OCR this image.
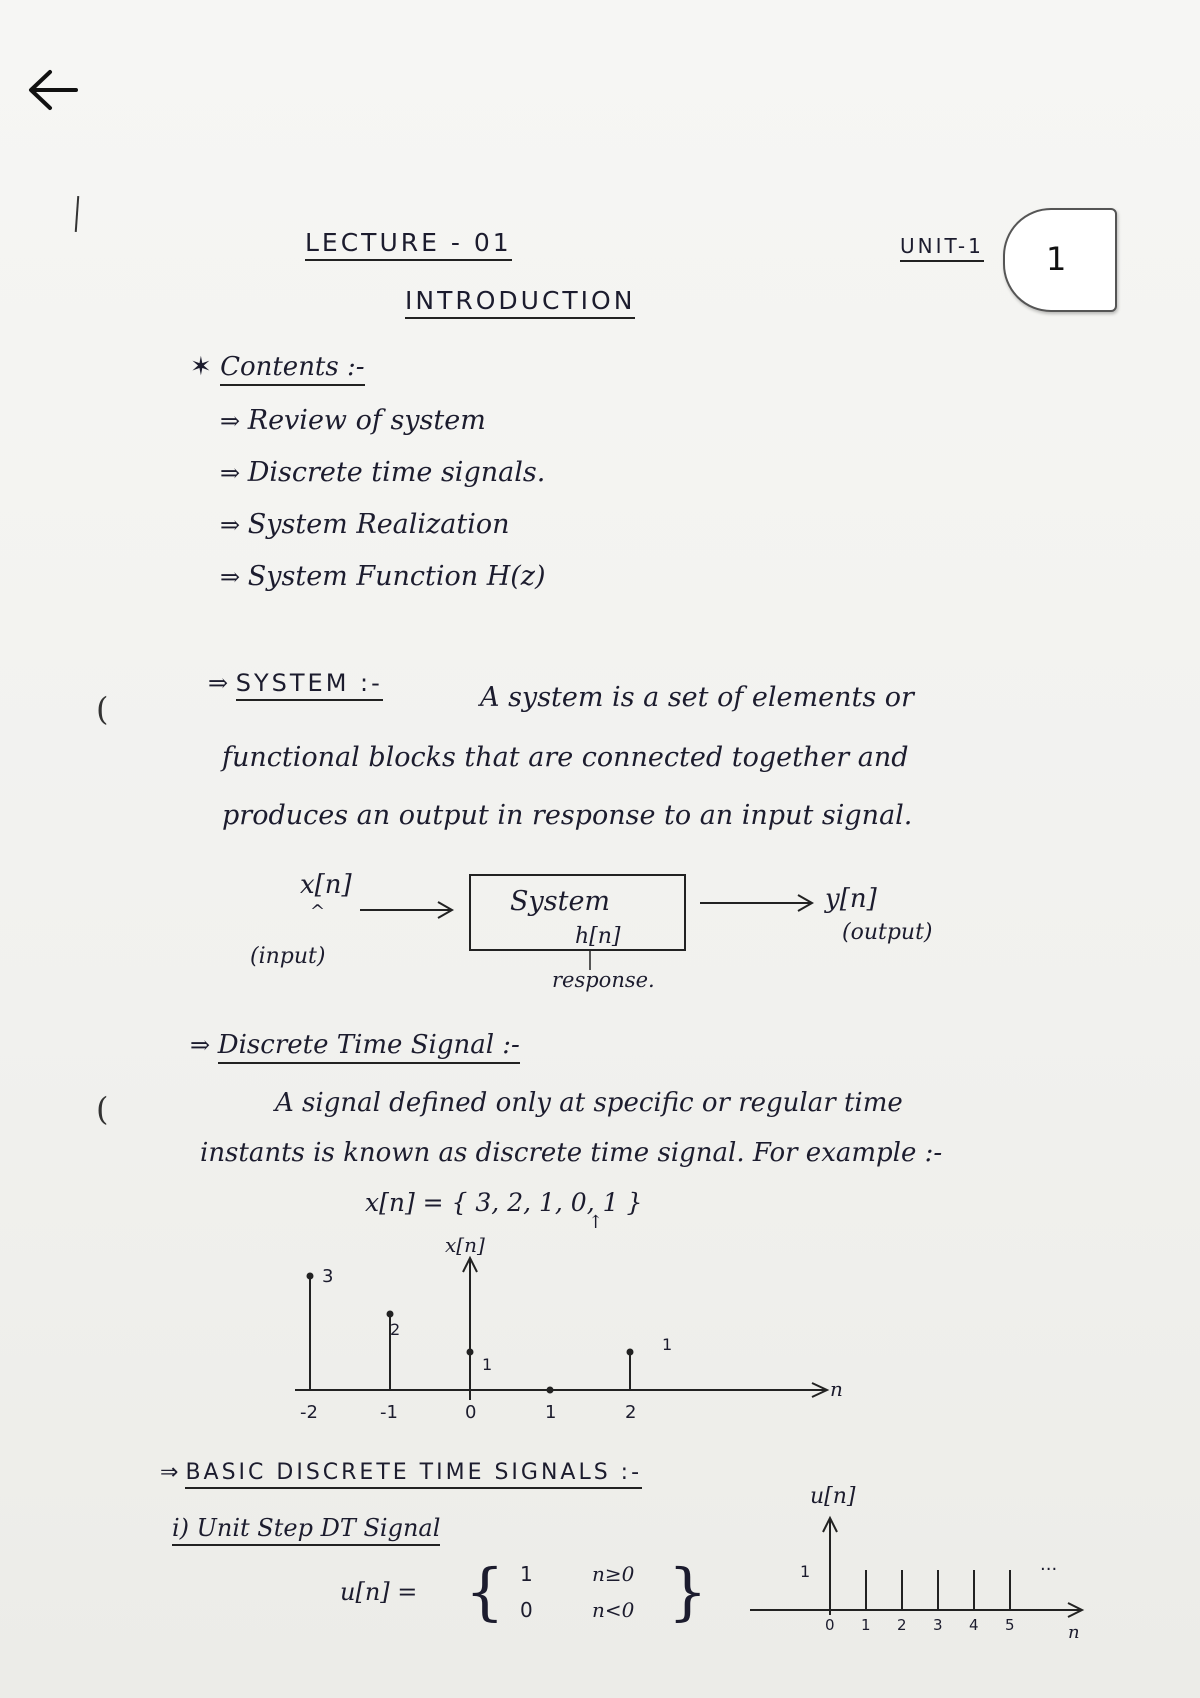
(
(
LECTURE - 01
INTRODUCTION
UNIT-1 1
✶ Contents :-
⇒ Review of system
⇒ Discrete time signals.
⇒ System Realization
⇒ System Function H(z)
⇒ SYSTEM :-	A system is a set of elements or
functional blocks that are connected together and
produces an output in response to an input signal.
x[n]
^
(input)
System
h[n]
response.
y[n]
(output)
⇒ Discrete Time Signal :-
A signal defined only at specific or regular time
instants is known as discrete time signal. For example :-
x[n] = { 3, 2, 1, 0, 1 }
↑
n
x[n]
-2	-1	0	1	2
3
2
1
1
⇒ BASIC DISCRETE TIME SIGNALS :-
i) Unit Step DT Signal
u[n] = { 1
0
n≥0
n<0 }
u[n]
1	...
0 1 2 3 4 5	n
